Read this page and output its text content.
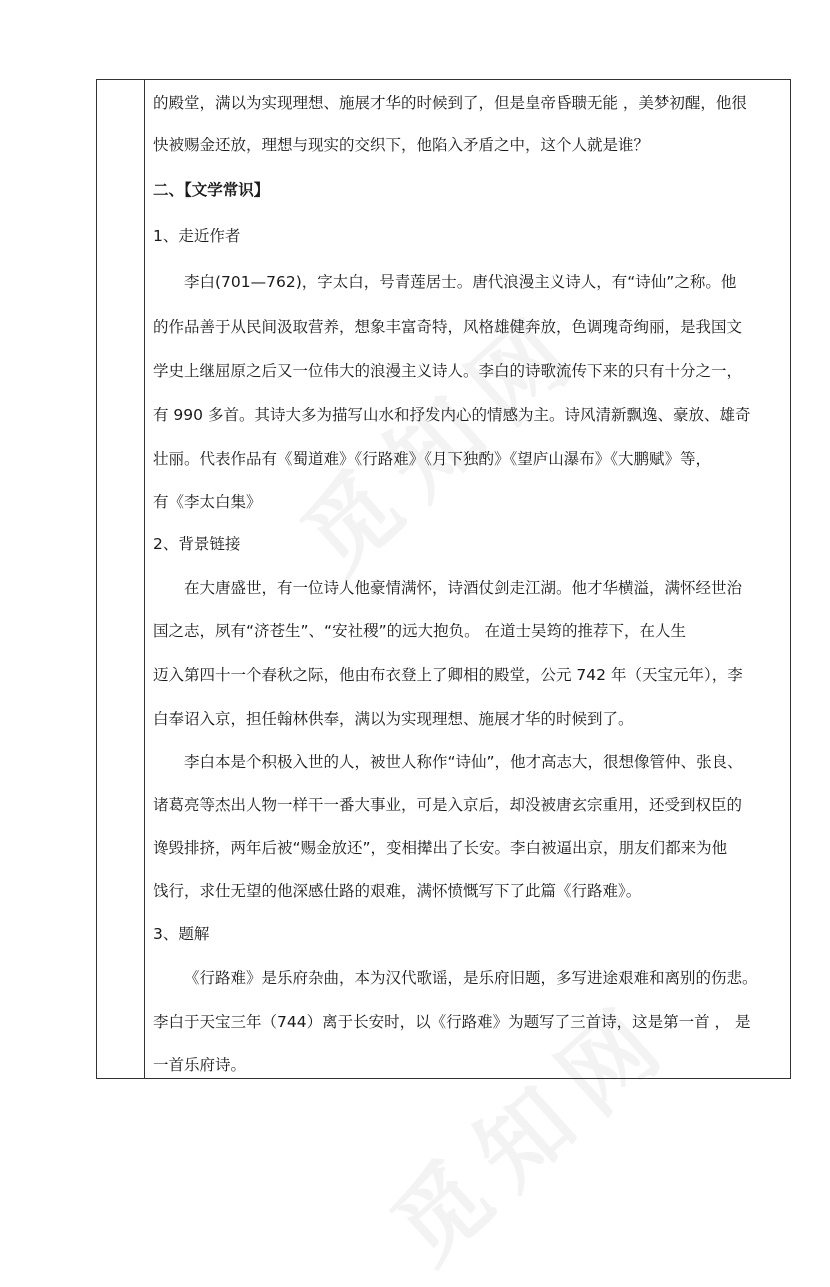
的殿堂，满以为实现理想、施展才华的时候到了，但是皇帝昏聩无能 ，美梦初醒，他很
快被赐金还放，理想与现实的交织下，他陷入矛盾之中，这个人就是谁？
二、【文学常识】
1、走近作者
李白(701—762)，字太白，号青莲居士。唐代浪漫主义诗人，有“诗仙”之称。他
的作品善于从民间汲取营养，想象丰富奇特，风格雄健奔放，色调瑰奇绚丽，是我国文
学史上继屈原之后又一位伟大的浪漫主义诗人。李白的诗歌流传下来的只有十分之一，
有 990 多首。其诗大多为描写山水和抒发内心的情感为主。诗风清新飘逸、豪放、雄奇
壮丽。代表作品有《蜀道难》《行路难》《月下独酌》《望庐山瀑布》《大鹏赋》等，
有《李太白集》
2、背景链接
在大唐盛世，有一位诗人他豪情满怀，诗酒仗剑走江湖。他才华横溢，满怀经世治
国之志，夙有“济苍生”、“安社稷”的远大抱负。 在道士吴筠的推荐下，在人生
迈入第四十一个春秋之际，他由布衣登上了卿相的殿堂，公元 742 年（天宝元年），李
白奉诏入京，担任翰林供奉，满以为实现理想、施展才华的时候到了。
李白本是个积极入世的人，被世人称作“诗仙”，他才高志大，很想像管仲、张良、
诸葛亮等杰出人物一样干一番大事业，可是入京后，却没被唐玄宗重用，还受到权臣的
谗毁排挤，两年后被“赐金放还”，变相撵出了长安。李白被逼出京，朋友们都来为他
饯行，求仕无望的他深感仕路的艰难，满怀愤慨写下了此篇《行路难》。
3、题解
《行路难》是乐府杂曲，本为汉代歌谣，是乐府旧题，多写进途艰难和离别的伤悲。
李白于天宝三年（744）离于长安时，以《行路难》为题写了三首诗，这是第一首 ， 是
一首乐府诗。
